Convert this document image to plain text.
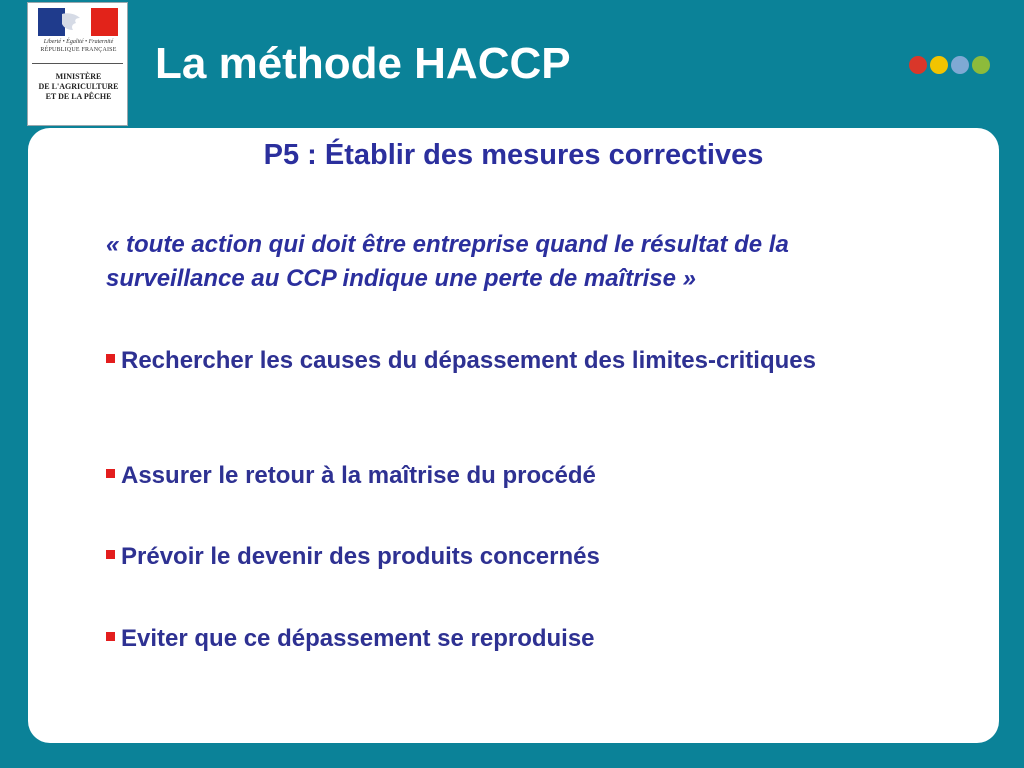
Liberté • Égalité • Fraternité
RÉPUBLIQUE FRANÇAISE
MINISTÈRE
DE L'AGRICULTURE
ET DE LA PÊCHE
La méthode HACCP
P5 : Établir des mesures correctives
« toute action qui doit être entreprise quand le résultat de la surveillance au CCP indique une perte de maîtrise »
Rechercher les causes du dépassement des limites-critiques
Assurer le retour à la maîtrise du procédé
Prévoir le devenir des produits concernés
Eviter que ce dépassement se reproduise
